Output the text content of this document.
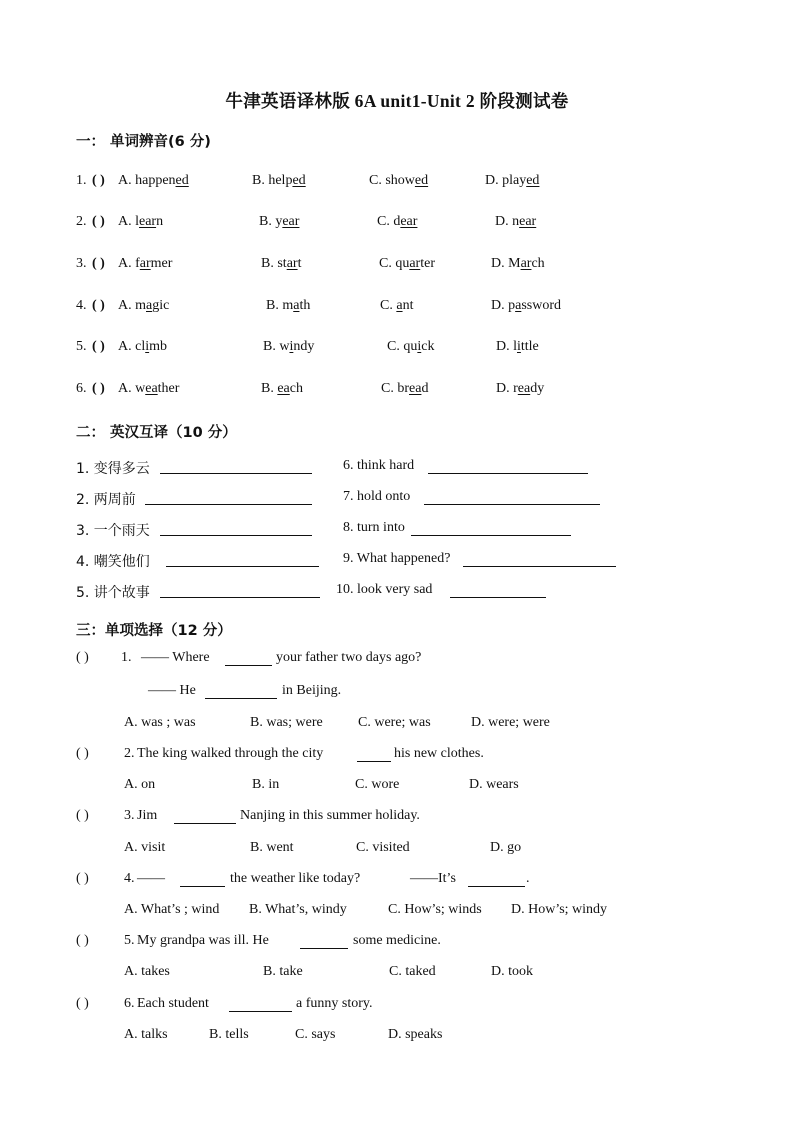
牛津英语译林版 6A unit1-Unit 2 阶段测试卷
一： 单词辨音(6 分)
1. ( ) A. happened	B. helped	C. showed	D. played
2. ( ) A. learn	B. year	C. dear	D. near
3. ( ) A. farmer	B. start	C. quarter	D. March
4. ( ) A. magic	B. math	C. ant	D. password
5. ( ) A. climb	B. windy	C. quick	D. little
6. ( ) A. weather	B. each	C. bread	D. ready
二： 英汉互译（10 分）
1. 变得多云
2. 两周前
3. 一个雨天
4. 嘲笑他们
5. 讲个故事
6. think hard
7. hold onto
8. turn into
9. What happened?
10. look very sad
三：单项选择（12 分）
( ) 1. —— Where	your father two days ago?
—— He	in Beijing.
A. was ; was	B. was; were	C. were; was	D. were; were
( )	2. The king walked through the city	his new clothes.
A. on	B. in	C. wore	D. wears
( )	3. Jim	Nanjing in this summer holiday.
A. visit	B. went	C. visited	D. go
( )	4. ——	the weather like today?	——It’s	.
A. What’s ; wind B. What’s, windy	C. How’s; winds D. How’s; windy
( )	5. My grandpa was ill. He	some medicine.
A. takes	B. take	C. taked	D. took
( )	6. Each student	a funny story.
A. talks	B. tells	C. says	D. speaks
